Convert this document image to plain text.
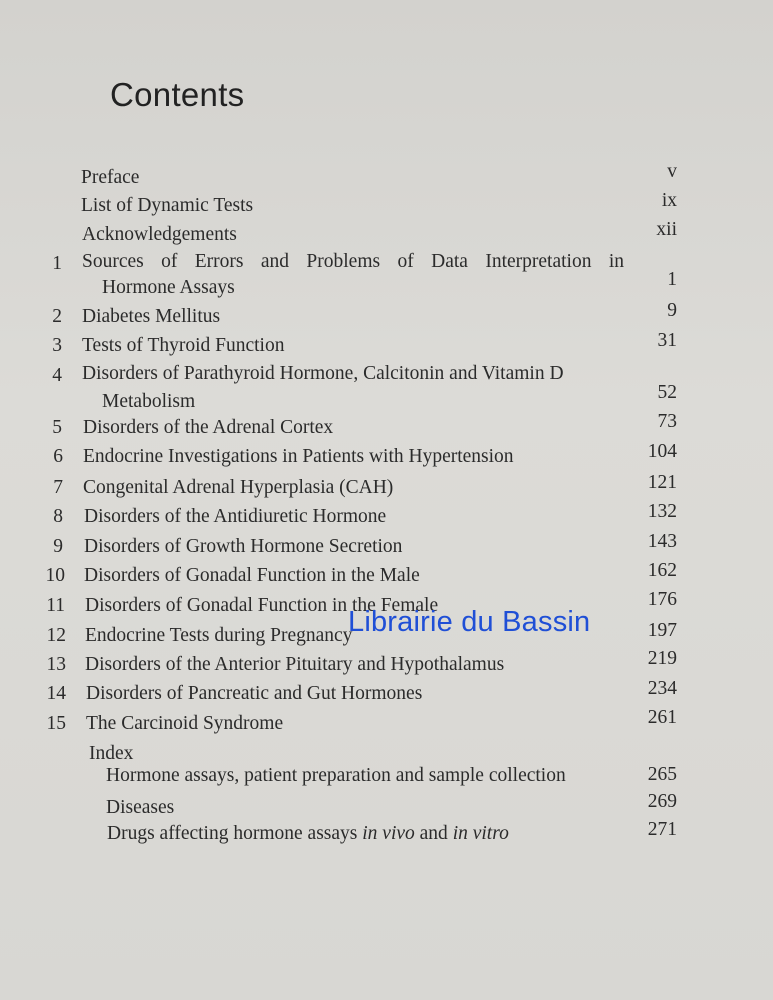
Contents
Preface	v
List of Dynamic Tests	ix
Acknowledgements	xii
1 Sources of Errors and Problems of Data Interpretation in
Hormone Assays	1
2 Diabetes Mellitus	9
3 Tests of Thyroid Function	31
4 Disorders of Parathyroid Hormone, Calcitonin and Vitamin D
Metabolism	52
5 Disorders of the Adrenal Cortex	73
6 Endocrine Investigations in Patients with Hypertension	104
7 Congenital Adrenal Hyperplasia (CAH)	121
8 Disorders of the Antidiuretic Hormone	132
9 Disorders of Growth Hormone Secretion	143
10 Disorders of Gonadal Function in the Male	162
11 Disorders of Gonadal Function in the Female	176
12 Endocrine Tests during Pregnancy	197
13 Disorders of the Anterior Pituitary and Hypothalamus	219
14 Disorders of Pancreatic and Gut Hormones	234
15 The Carcinoid Syndrome	261
Index
Hormone assays, patient preparation and sample collection	265
Diseases	269
Drugs affecting hormone assays in vivo and in vitro	271
Librairie du Bassin
